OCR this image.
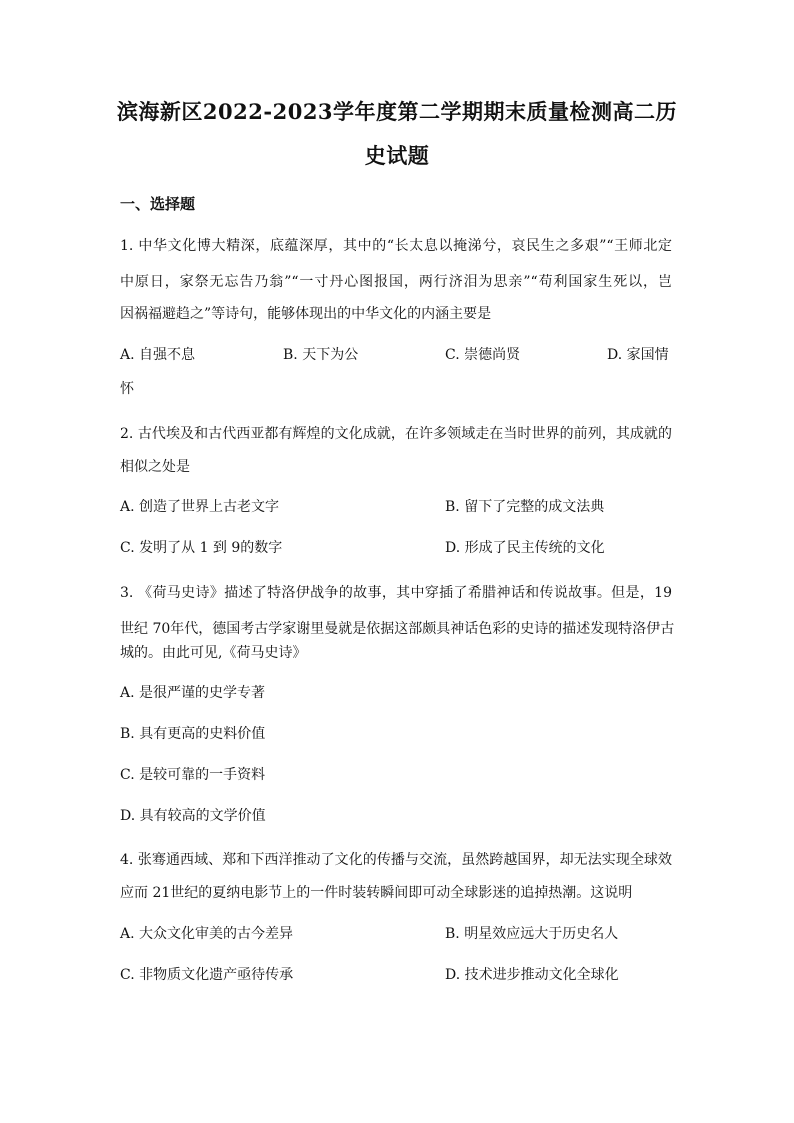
滨海新区2022-2023学年度第二学期期末质量检测高二历
史试题
一、选择题
1. 中华文化博大精深，底蕴深厚，其中的“长太息以掩涕兮，哀民生之多艰”“王师北定
中原日，家祭无忘告乃翁”“一寸丹心图报国，两行济泪为思亲”“苟利国家生死以，岂
因祸福避趋之”等诗句，能够体现出的中华文化的内涵主要是
A. 自强不息	B. 天下为公	C. 崇德尚贤	D. 家国情
怀
2. 古代埃及和古代西亚都有辉煌的文化成就，在许多领域走在当时世界的前列，其成就的
相似之处是
A. 创造了世界上古老文字	B. 留下了完整的成文法典
C. 发明了从 1 到 9的数字	D. 形成了民主传统的文化
3. 《荷马史诗》描述了特洛伊战争的故事，其中穿插了希腊神话和传说故事。但是，19
世纪 70年代，德国考古学家谢里曼就是依据这部颇具神话色彩的史诗的描述发现特洛伊古
城的。由此可见,《荷马史诗》
A. 是很严谨的史学专著
B. 具有更高的史料价值
C. 是较可靠的一手资料
D. 具有较高的文学价值
4. 张骞通西域、郑和下西洋推动了文化的传播与交流，虽然跨越国界，却无法实现全球效
应而 21世纪的夏纳电影节上的一件时装转瞬间即可动全球影迷的追掉热潮。这说明
A. 大众文化审美的古今差异	B. 明星效应远大于历史名人
C. 非物质文化遗产亟待传承	D. 技术进步推动文化全球化
